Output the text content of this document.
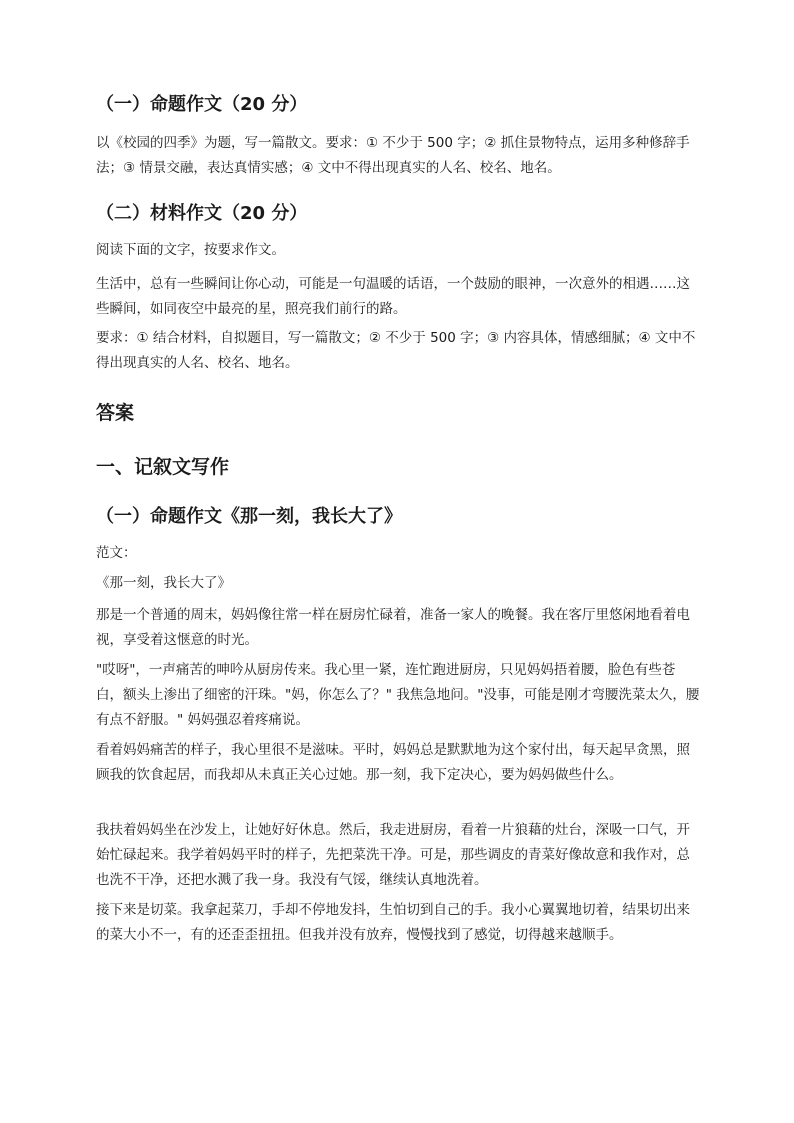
（一）命题作文（20 分）
以《校园的四季》为题，写一篇散文。要求：① 不少于 500 字；② 抓住景物特点，运用多种修辞手法；③ 情景交融，表达真情实感；④ 文中不得出现真实的人名、校名、地名。
（二）材料作文（20 分）
阅读下面的文字，按要求作文。
生活中，总有一些瞬间让你心动，可能是一句温暖的话语，一个鼓励的眼神，一次意外的相遇……这些瞬间，如同夜空中最亮的星，照亮我们前行的路。
要求：① 结合材料，自拟题目，写一篇散文；② 不少于 500 字；③ 内容具体，情感细腻；④ 文中不得出现真实的人名、校名、地名。
答案
一、记叙文写作
（一）命题作文《那一刻，我长大了》
范文：
《那一刻，我长大了》
那是一个普通的周末，妈妈像往常一样在厨房忙碌着，准备一家人的晚餐。我在客厅里悠闲地看着电视，享受着这惬意的时光。
"哎呀"，一声痛苦的呻吟从厨房传来。我心里一紧，连忙跑进厨房，只见妈妈捂着腰，脸色有些苍白，额头上渗出了细密的汗珠。"妈，你怎么了？" 我焦急地问。"没事，可能是刚才弯腰洗菜太久，腰有点不舒服。" 妈妈强忍着疼痛说。
看着妈妈痛苦的样子，我心里很不是滋味。平时，妈妈总是默默地为这个家付出，每天起早贪黑，照顾我的饮食起居，而我却从未真正关心过她。那一刻，我下定决心，要为妈妈做些什么。
我扶着妈妈坐在沙发上，让她好好休息。然后，我走进厨房，看着一片狼藉的灶台，深吸一口气，开始忙碌起来。我学着妈妈平时的样子，先把菜洗干净。可是，那些调皮的青菜好像故意和我作对，总也洗不干净，还把水溅了我一身。我没有气馁，继续认真地洗着。
接下来是切菜。我拿起菜刀，手却不停地发抖，生怕切到自己的手。我小心翼翼地切着，结果切出来的菜大小不一，有的还歪歪扭扭。但我并没有放弃，慢慢找到了感觉，切得越来越顺手。
